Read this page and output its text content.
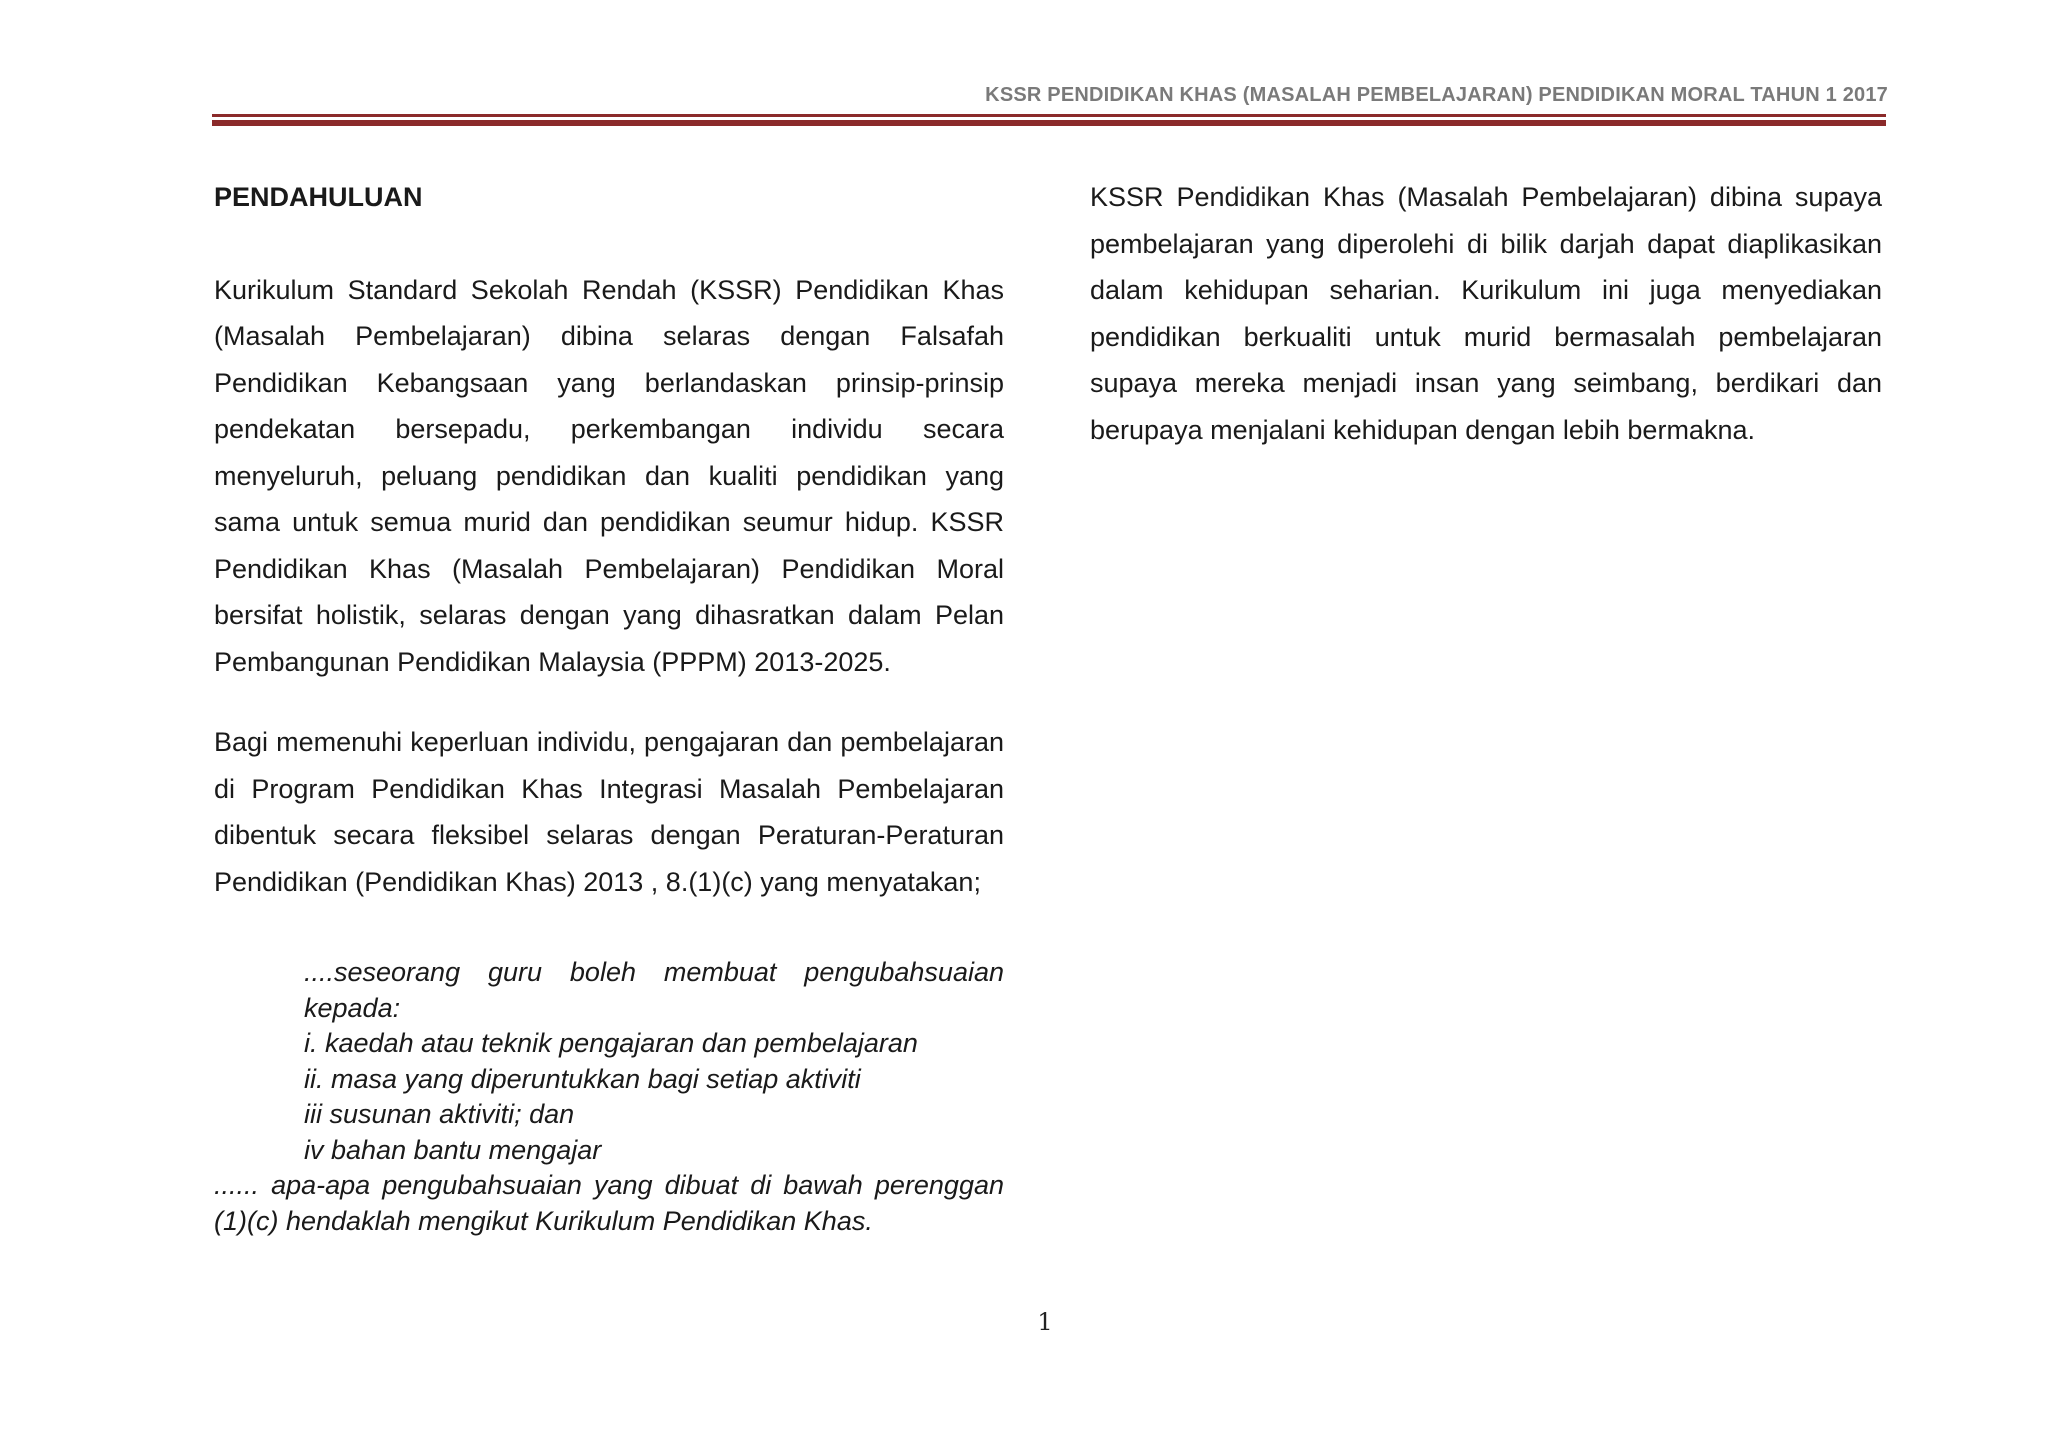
KSSR PENDIDIKAN KHAS (MASALAH PEMBELAJARAN) PENDIDIKAN MORAL TAHUN 1 2017
PENDAHULUAN

Kurikulum Standard Sekolah Rendah (KSSR) Pendidikan Khas (Masalah Pembelajaran) dibina selaras dengan Falsafah Pendidikan Kebangsaan yang berlandaskan prinsip-prinsip pendekatan bersepadu, perkembangan individu secara menyeluruh, peluang pendidikan dan kualiti pendidikan yang sama untuk semua murid dan pendidikan seumur hidup. KSSR Pendidikan Khas (Masalah Pembelajaran) Pendidikan Moral bersifat holistik, selaras dengan yang dihasratkan dalam Pelan Pembangunan Pendidikan Malaysia (PPPM) 2013-2025.

Bagi memenuhi keperluan individu, pengajaran dan pembelajaran di Program Pendidikan Khas Integrasi Masalah Pembelajaran dibentuk secara fleksibel selaras dengan Peraturan-Peraturan Pendidikan (Pendidikan Khas) 2013 , 8.(1)(c) yang menyatakan;

....seseorang guru boleh membuat pengubahsuaian kepada:
i. kaedah atau teknik pengajaran dan pembelajaran
ii. masa yang diperuntukkan bagi setiap aktiviti
iii susunan aktiviti; dan
iv bahan bantu mengajar
...... apa-apa pengubahsuaian yang dibuat di bawah perenggan (1)(c) hendaklah mengikut Kurikulum Pendidikan Khas.

KSSR Pendidikan Khas (Masalah Pembelajaran) dibina supaya pembelajaran yang diperolehi di bilik darjah dapat diaplikasikan dalam kehidupan seharian. Kurikulum ini juga menyediakan pendidikan berkualiti untuk murid bermasalah pembelajaran supaya mereka menjadi insan yang seimbang, berdikari dan berupaya menjalani kehidupan dengan lebih bermakna.

1
